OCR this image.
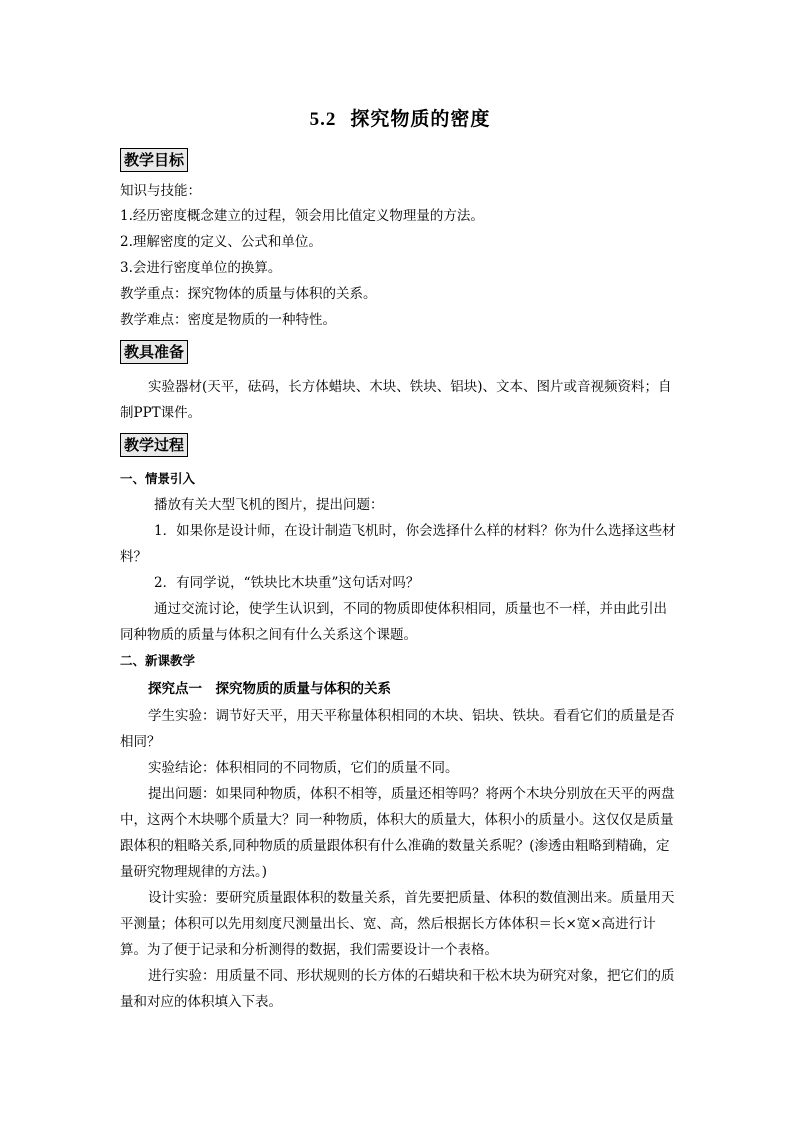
5.2 探究物质的密度
教学目标
知识与技能：
1.经历密度概念建立的过程，领会用比值定义物理量的方法。
2.理解密度的定义、公式和单位。
3.会进行密度单位的换算。
教学重点：探究物体的质量与体积的关系。
教学难点：密度是物质的一种特性。
教具准备
实验器材(天平，砝码，长方体蜡块、木块、铁块、铝块)、文本、图片或音视频资料；自制PPT课件。
教学过程
一、情景引入
播放有关大型飞机的图片，提出问题：
1．如果你是设计师，在设计制造飞机时，你会选择什么样的材料？你为什么选择这些材料？
2．有同学说，“铁块比木块重”这句话对吗？
通过交流讨论，使学生认识到，不同的物质即使体积相同，质量也不一样，并由此引出同种物质的质量与体积之间有什么关系这个课题。
二、新课教学
探究点一　探究物质的质量与体积的关系
学生实验：调节好天平，用天平称量体积相同的木块、铝块、铁块。看看它们的质量是否相同？
实验结论：体积相同的不同物质，它们的质量不同。
提出问题：如果同种物质，体积不相等，质量还相等吗？将两个木块分别放在天平的两盘中，这两个木块哪个质量大？同一种物质，体积大的质量大，体积小的质量小。这仅仅是质量跟体积的粗略关系,同种物质的质量跟体积有什么准确的数量关系呢？(渗透由粗略到精确，定量研究物理规律的方法。)
设计实验：要研究质量跟体积的数量关系，首先要把质量、体积的数值测出来。质量用天平测量；体积可以先用刻度尺测量出长、宽、高，然后根据长方体体积＝长×宽×高进行计算。为了便于记录和分析测得的数据，我们需要设计一个表格。
进行实验：用质量不同、形状规则的长方体的石蜡块和干松木块为研究对象，把它们的质量和对应的体积填入下表。
